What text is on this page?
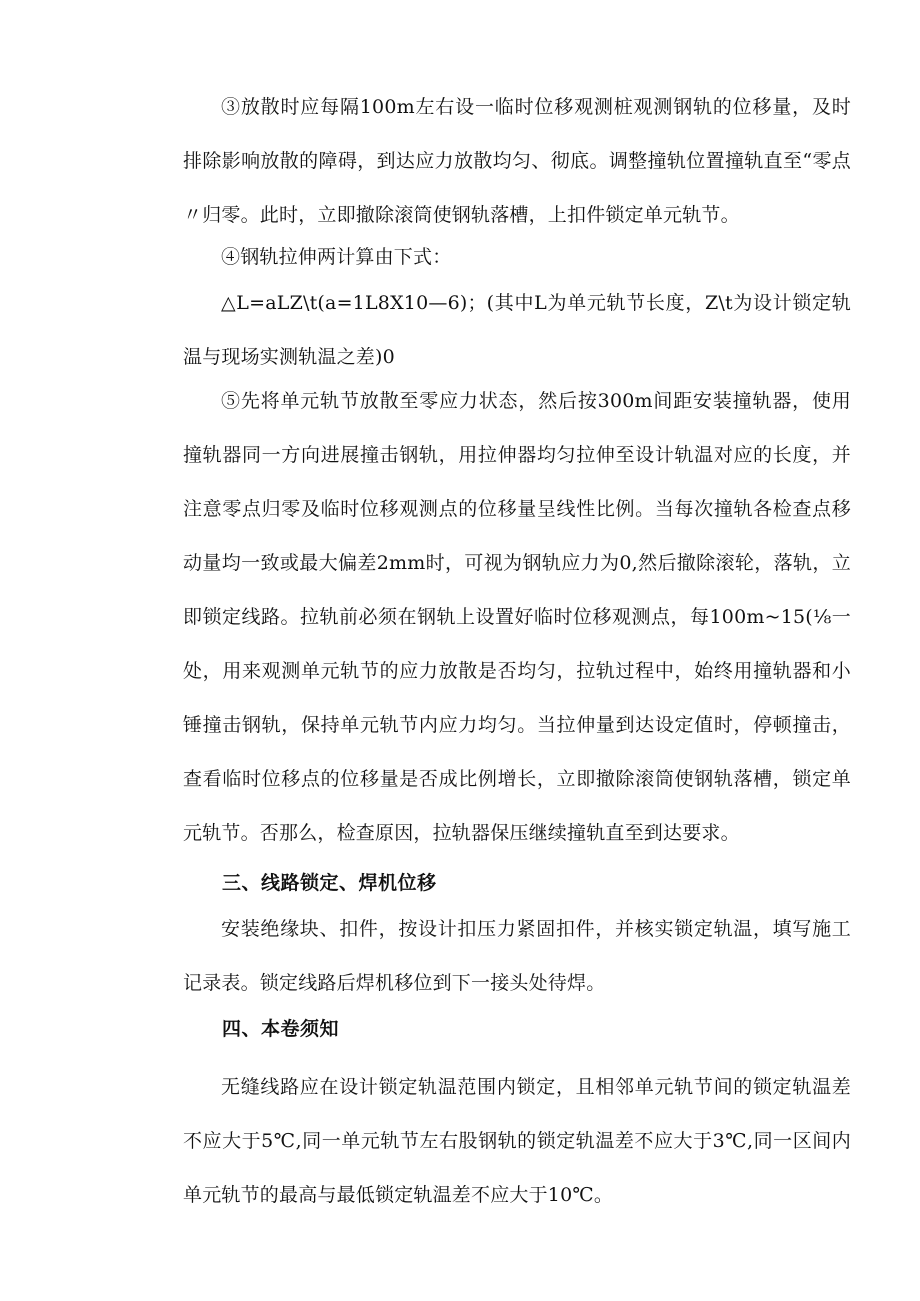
③放散时应每隔100m左右设一临时位移观测桩观测钢轨的位移量，及时排除影响放散的障碍，到达应力放散均匀、彻底。调整撞轨位置撞轨直至“零点〃归零。此时，立即撤除滚筒使钢轨落槽，上扣件锁定单元轨节。

④钢轨拉伸两计算由下式：

△L=aLZ\t(a=1L8X10—6)；(其中L为单元轨节长度，Z\t为设计锁定轨温与现场实测轨温之差)0

⑤先将单元轨节放散至零应力状态，然后按300m间距安装撞轨器，使用撞轨器同一方向进展撞击钢轨，用拉伸器均匀拉伸至设计轨温对应的长度，并注意零点归零及临时位移观测点的位移量呈线性比例。当每次撞轨各检查点移动量均一致或最大偏差2mm时，可视为钢轨应力为0,然后撤除滚轮，落轨，立即锁定线路。拉轨前必须在钢轨上设置好临时位移观测点，每100m~15(⅛一处，用来观测单元轨节的应力放散是否均匀，拉轨过程中，始终用撞轨器和小锤撞击钢轨，保持单元轨节内应力均匀。当拉伸量到达设定值时，停顿撞击，查看临时位移点的位移量是否成比例增长，立即撤除滚筒使钢轨落槽，锁定单元轨节。否那么，检查原因，拉轨器保压继续撞轨直至到达要求。

三、线路锁定、焊机位移

安装绝缘块、扣件，按设计扣压力紧固扣件，并核实锁定轨温，填写施工记录表。锁定线路后焊机移位到下一接头处待焊。

四、本卷须知

无缝线路应在设计锁定轨温范围内锁定，且相邻单元轨节间的锁定轨温差不应大于5℃,同一单元轨节左右股钢轨的锁定轨温差不应大于3℃,同一区间内单元轨节的最高与最低锁定轨温差不应大于10℃。
